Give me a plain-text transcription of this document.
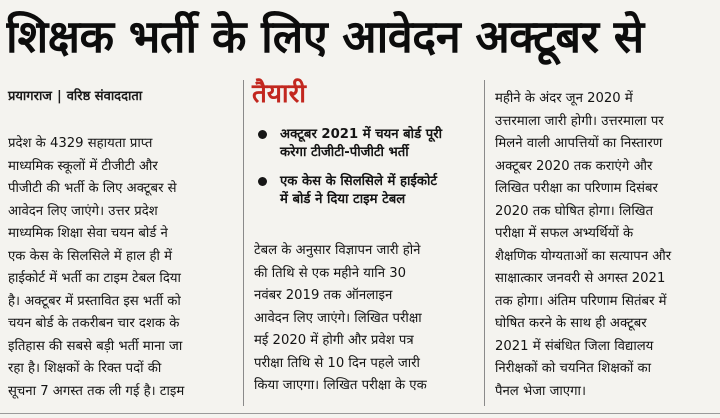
शिक्षक भर्ती के लिए आवेदन अक्टूबर से
प्रयागराज | वरिष्ठ संवाददाता
प्रदेश के 4329 सहायता प्राप्त
माध्यमिक स्कूलों में टीजीटी और
पीजीटी की भर्ती के लिए अक्टूबर से
आवेदन लिए जाएंगे। उत्तर प्रदेश
माध्यमिक शिक्षा सेवा चयन बोर्ड ने
एक केस के सिलसिले में हाल ही में
हाईकोर्ट में भर्ती का टाइम टेबल दिया
है। अक्टूबर में प्रस्तावित इस भर्ती को
चयन बोर्ड के तकरीबन चार दशक के
इतिहास की सबसे बड़ी भर्ती माना जा
रहा है। शिक्षकों के रिक्त पदों की
सूचना 7 अगस्त तक ली गई है। टाइम
तैयारी
अक्टूबर 2021 में चयन बोर्ड पूरी
करेगा टीजीटी-पीजीटी भर्ती
एक केस के सिलसिले में हाईकोर्ट
में बोर्ड ने दिया टाइम टेबल
टेबल के अनुसार विज्ञापन जारी होने
की तिथि से एक महीने यानि 30
नवंबर 2019 तक ऑनलाइन
आवेदन लिए जाएंगे। लिखित परीक्षा
मई 2020 में होगी और प्रवेश पत्र
परीक्षा तिथि से 10 दिन पहले जारी
किया जाएगा। लिखित परीक्षा के एक
महीने के अंदर जून 2020 में
उत्तरमाला जारी होगी। उत्तरमाला पर
मिलने वाली आपत्तियों का निस्तारण
अक्टूबर 2020 तक कराएंगे और
लिखित परीक्षा का परिणाम दिसंबर
2020 तक घोषित होगा। लिखित
परीक्षा में सफल अभ्यर्थियों के
शैक्षणिक योग्यताओं का सत्यापन और
साक्षात्कार जनवरी से अगस्त 2021
तक होगा। अंतिम परिणाम सितंबर में
घोषित करने के साथ ही अक्टूबर
2021 में संबंधित जिला विद्यालय
निरीक्षकों को चयनित शिक्षकों का
पैनल भेजा जाएगा।
